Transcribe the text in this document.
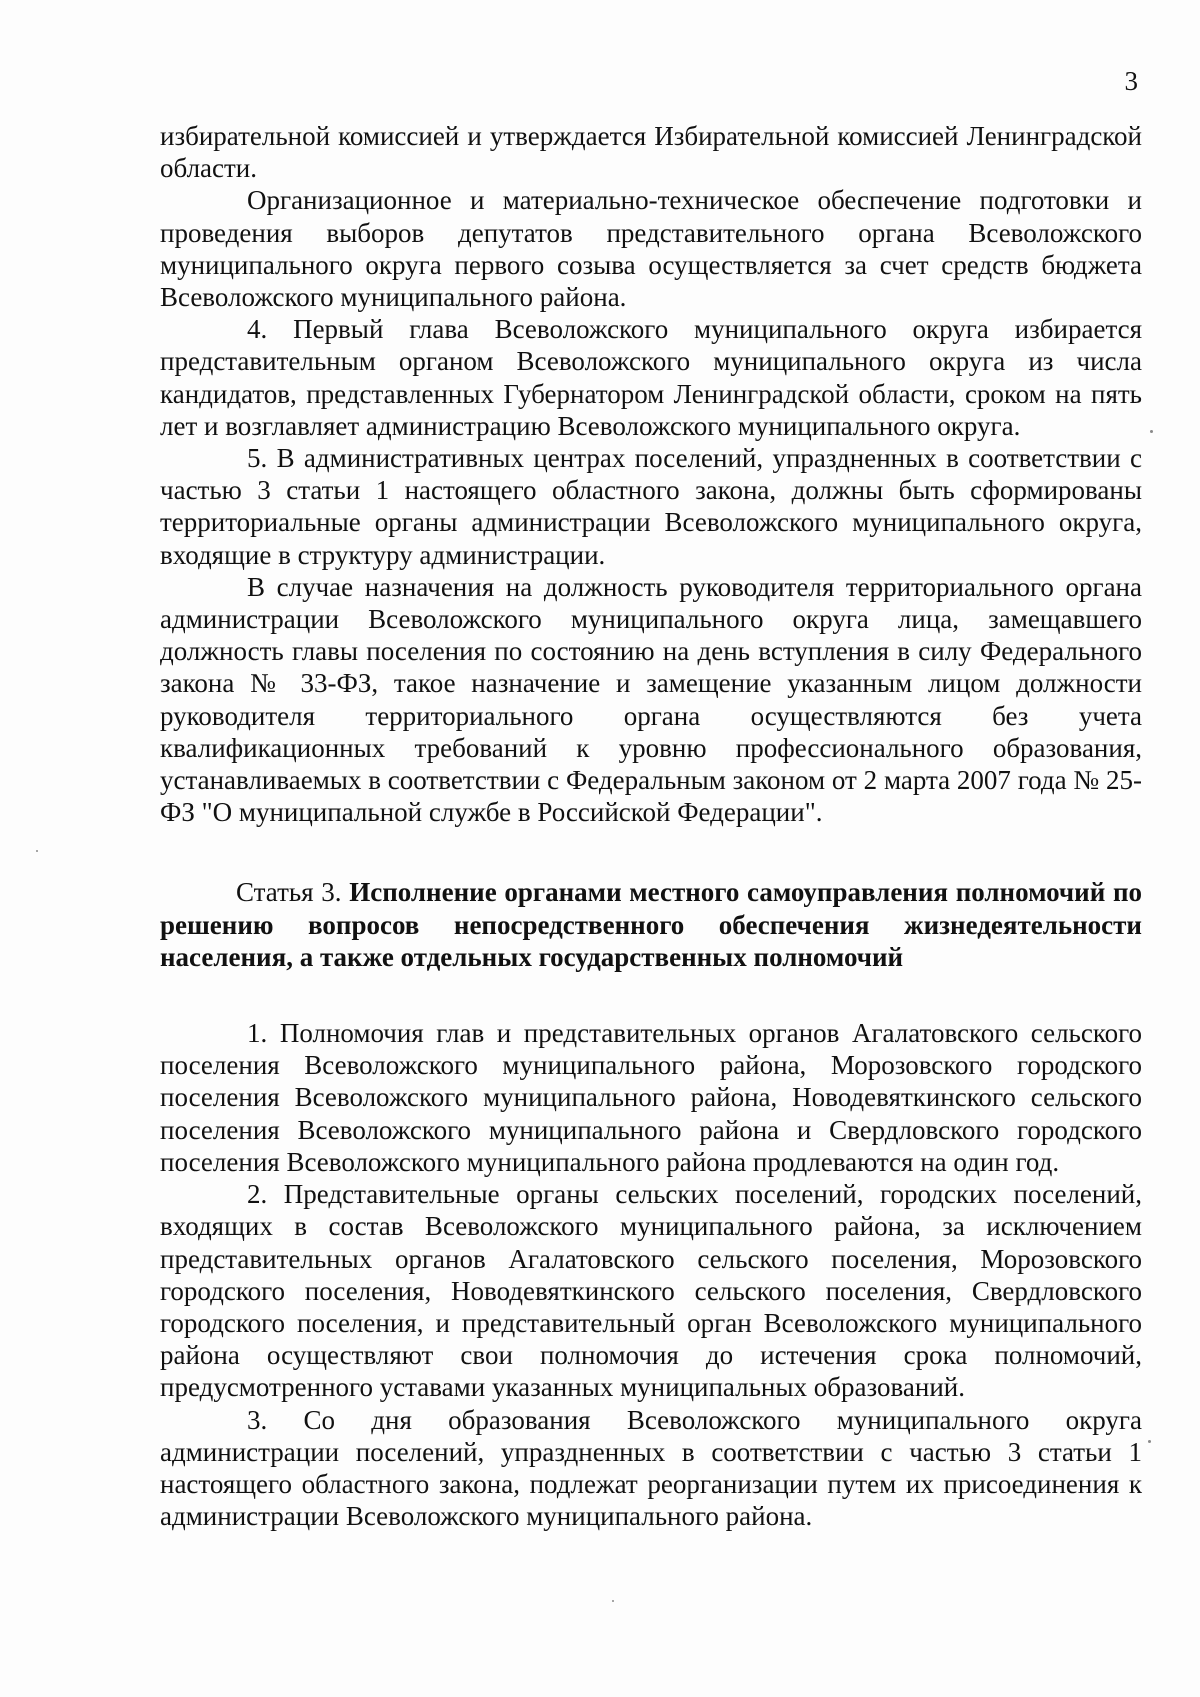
3

избирательной комиссией и утверждается Избирательной комиссией Ленинградской области.

Организационное и материально-техническое обеспечение подготовки и проведения выборов депутатов представительного органа Всеволожского муниципального округа первого созыва осуществляется за счет средств бюджета Всеволожского муниципального района.

4. Первый глава Всеволожского муниципального округа избирается представительным органом Всеволожского муниципального округа из числа кандидатов, представленных Губернатором Ленинградской области, сроком на пять лет и возглавляет администрацию Всеволожского муниципального округа.

5. В административных центрах поселений, упраздненных в соответствии с частью 3 статьи 1 настоящего областного закона, должны быть сформированы территориальные органы администрации Всеволожского муниципального округа, входящие в структуру администрации.

В случае назначения на должность руководителя территориального органа администрации Всеволожского муниципального округа лица, замещавшего должность главы поселения по состоянию на день вступления в силу Федерального закона № 33-ФЗ, такое назначение и замещение указанным лицом должности руководителя территориального органа осуществляются без учета квалификационных требований к уровню профессионального образования, устанавливаемых в соответствии с Федеральным законом от 2 марта 2007 года № 25-ФЗ "О муниципальной службе в Российской Федерации".

Статья 3. Исполнение органами местного самоуправления полномочий по решению вопросов непосредственного обеспечения жизнедеятельности населения, а также отдельных государственных полномочий

1. Полномочия глав и представительных органов Агалатовского сельского поселения Всеволожского муниципального района, Морозовского городского поселения Всеволожского муниципального района, Новодевяткинского сельского поселения Всеволожского муниципального района и Свердловского городского поселения Всеволожского муниципального района продлеваются на один год.

2. Представительные органы сельских поселений, городских поселений, входящих в состав Всеволожского муниципального района, за исключением представительных органов Агалатовского сельского поселения, Морозовского городского поселения, Новодевяткинского сельского поселения, Свердловского городского поселения, и представительный орган Всеволожского муниципального района осуществляют свои полномочия до истечения срока полномочий, предусмотренного уставами указанных муниципальных образований.

3. Со дня образования Всеволожского муниципального округа администрации поселений, упраздненных в соответствии с частью 3 статьи 1 настоящего областного закона, подлежат реорганизации путем их присоединения к администрации Всеволожского муниципального района.
